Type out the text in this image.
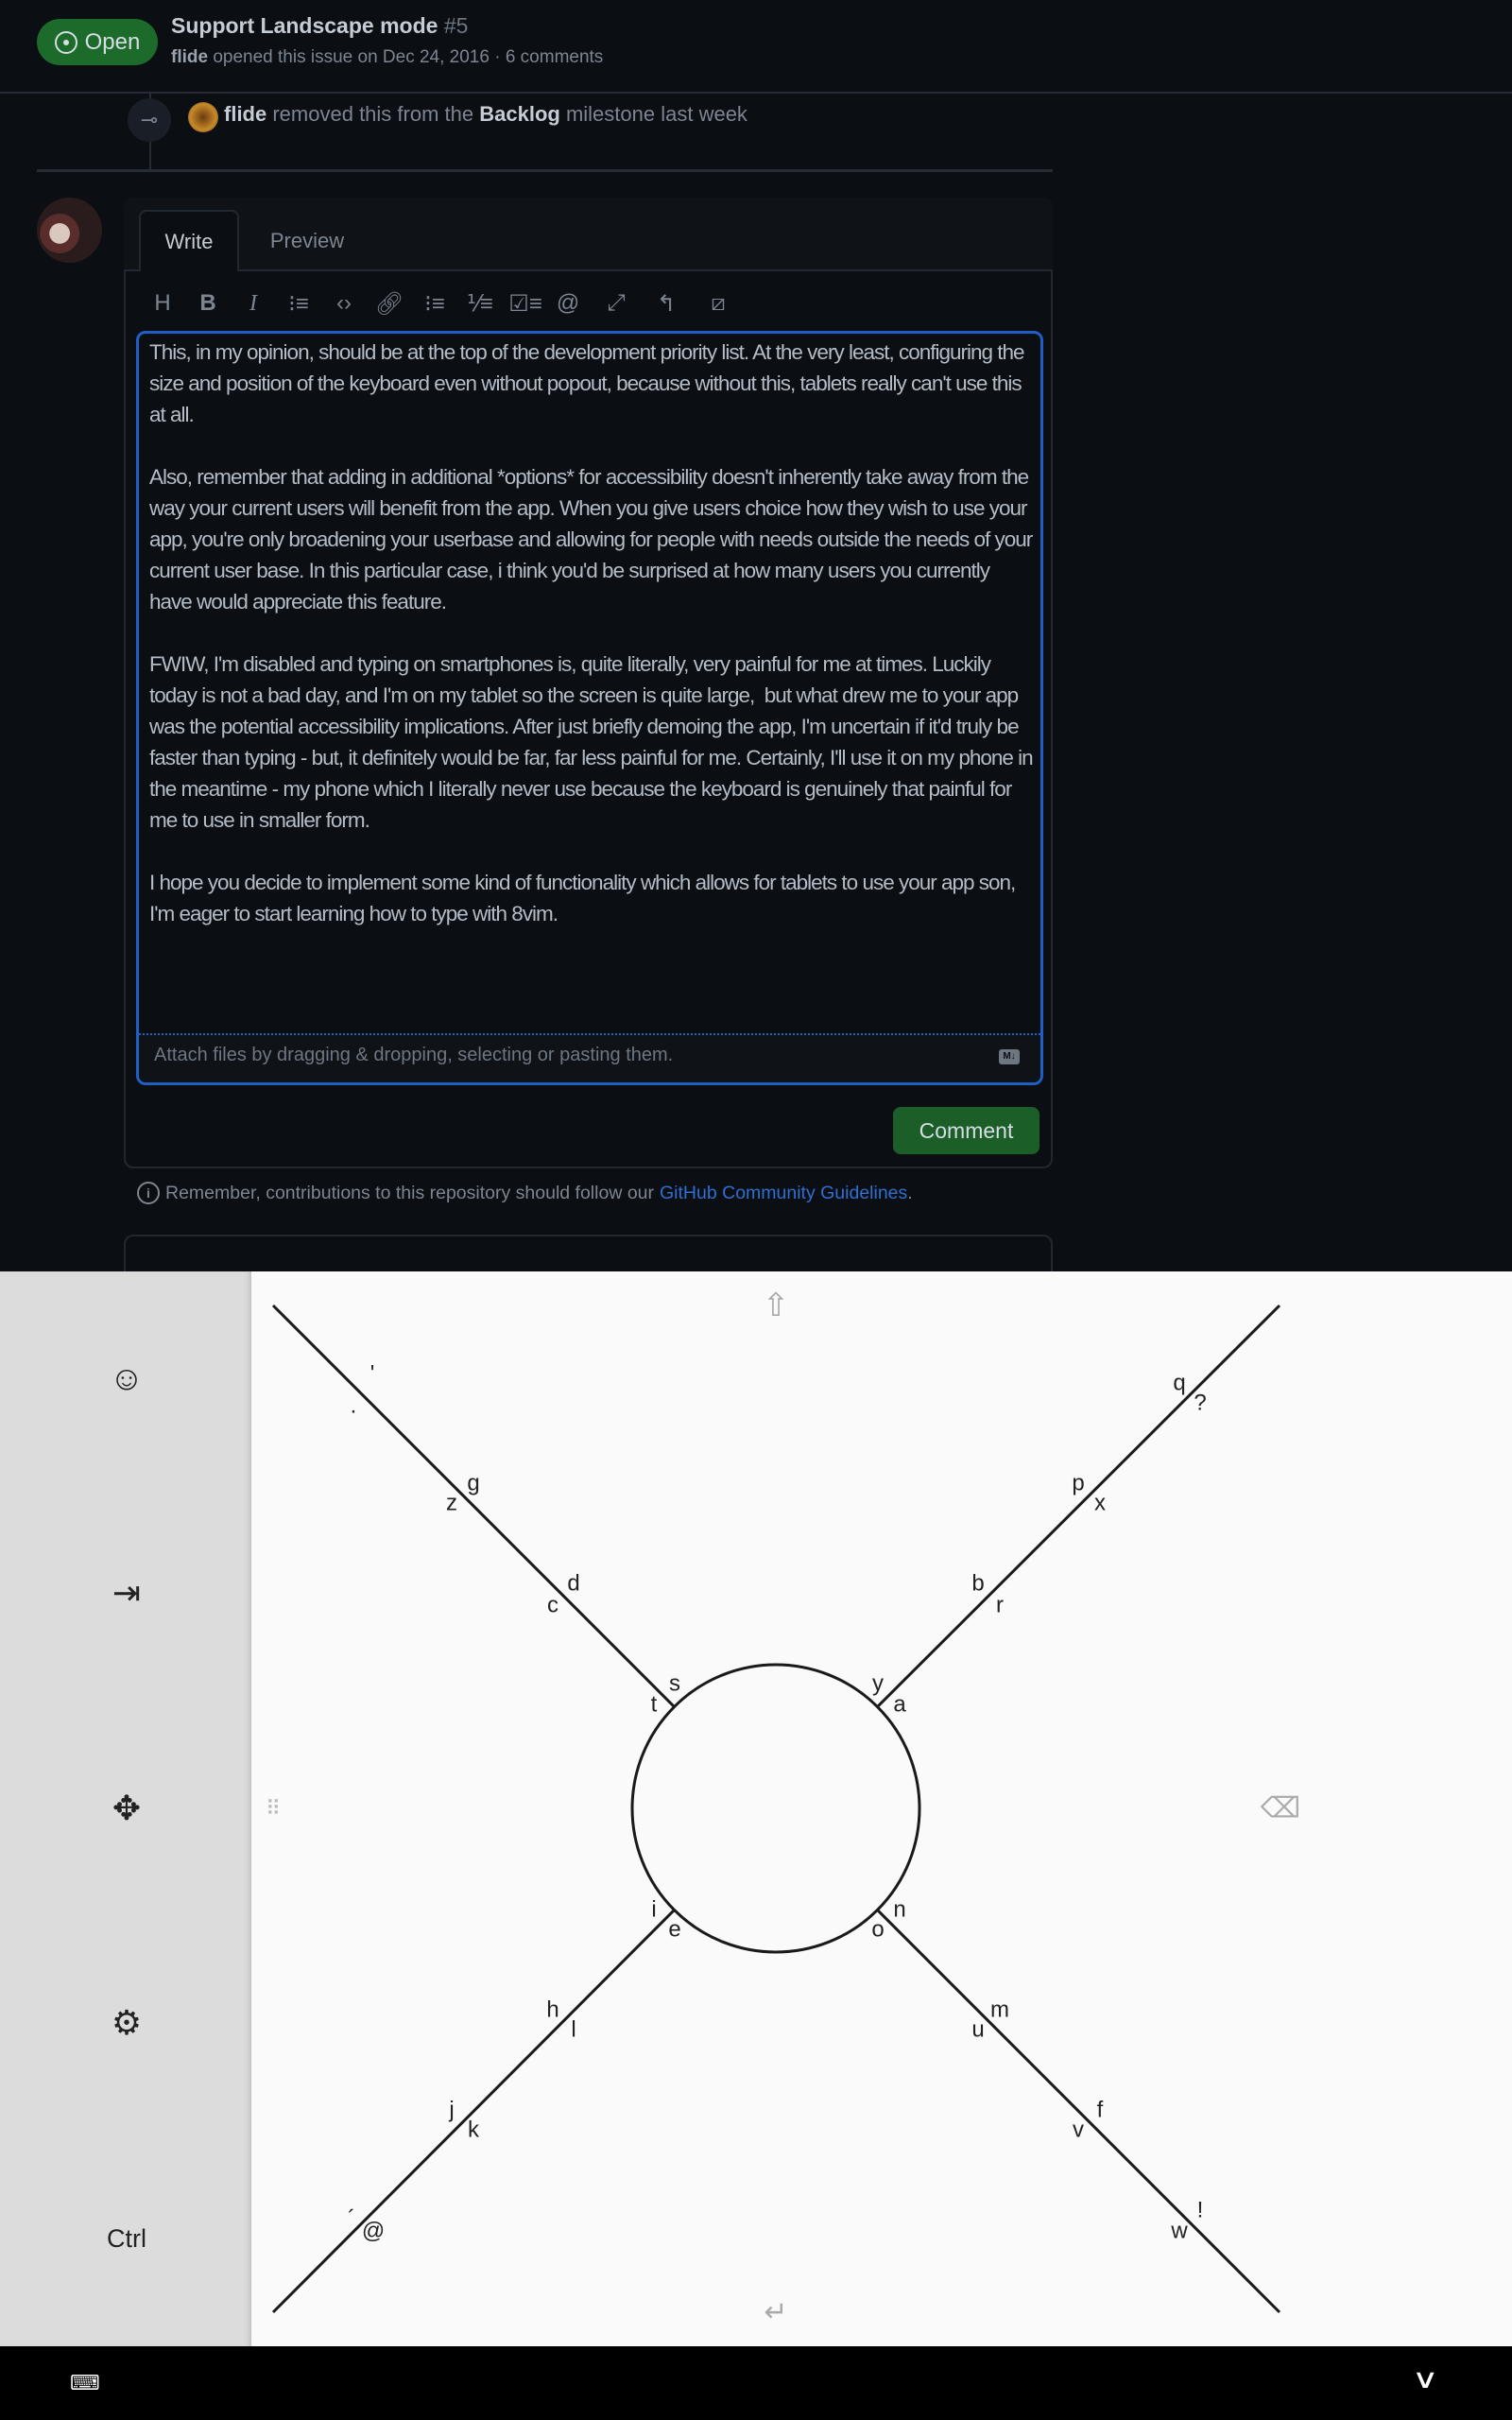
Open
Support Landscape mode #5
flide opened this issue on Dec 24, 2016 · 6 comments
⊸	flide removed this from the Backlog milestone last week
Write	Preview
H	B	I	⁝≡	‹›	🔗︎ ⁝≡ ⅟≡ ☑≡ @	⤢	↰	⧄
Attach files by dragging & dropping, selecting or pasting them.	M↓
This, in my opinion, should be at the top of the development priority list. At the very least, configuring the size and position of the keyboard even without popout, because without this, tablets really can't use this at all.

Also, remember that adding in additional *options* for accessibility doesn't inherently take away from the way your current users will benefit from the app. When you give users choice how they wish to use your app, you're only broadening your userbase and allowing for people with needs outside the needs of your current user base. In this particular case, i think you'd be surprised at how many users you currently have would appreciate this feature.

FWIW, I'm disabled and typing on smartphones is, quite literally, very painful for me at times. Luckily today is not a bad day, and I'm on my tablet so the screen is quite large,  but what drew me to your app was the potential accessibility implications. After just briefly demoing the app, I'm uncertain if it'd truly be faster than typing - but, it definitely would be far, far less painful for me. Certainly, I'll use it on my phone in the meantime - my phone which I literally never use because the keyboard is genuinely that painful for me to use in smaller form.

I hope you decide to implement some kind of functionality which allows for tablets to use your app son, I'm eager to start learning how to type with 8vim.
Comment
i Remember, contributions to this repository should follow our GitHub Community Guidelines .
☺
⇥
✥
⚙
Ctrl
'
.
g
z
d
c
s
t
y
a
b
r
p
x
q
?
i
e
n
o
h
l
m
u
j
k
f
v
´ @
!
w
⇧
↵
⠿	⌫
⌨	∨
